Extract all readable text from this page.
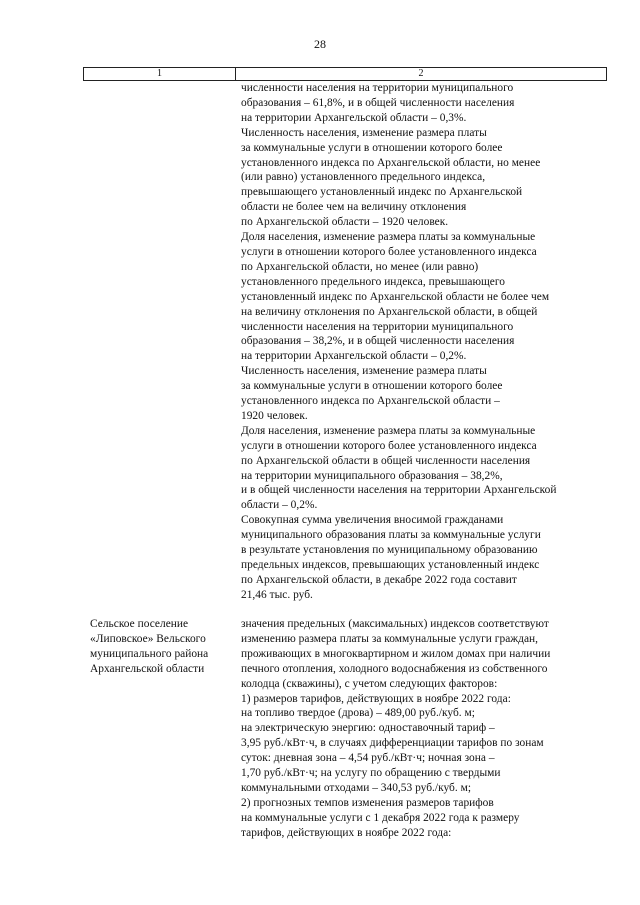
28
1	2
численности населения на территории муниципального
образования – 61,8%, и в общей численности населения
на территории Архангельской области – 0,3%.
Численность населения, изменение размера платы
за коммунальные услуги в отношении которого более
установленного индекса по Архангельской области, но менее
(или равно) установленного предельного индекса,
превышающего установленный индекс по Архангельской
области не более чем на величину отклонения
по Архангельской области – 1920 человек.
Доля населения, изменение размера платы за коммунальные
услуги в отношении которого более установленного индекса
по Архангельской области, но менее (или равно)
установленного предельного индекса, превышающего
установленный индекс по Архангельской области не более чем
на величину отклонения по Архангельской области, в общей
численности населения на территории муниципального
образования – 38,2%, и в общей численности населения
на территории Архангельской области – 0,2%.
Численность населения, изменение размера платы
за коммунальные услуги в отношении которого более
установленного индекса по Архангельской области –
1920 человек.
Доля населения, изменение размера платы за коммунальные
услуги в отношении которого более установленного индекса
по Архангельской области в общей численности населения
на территории муниципального образования – 38,2%,
и в общей численности населения на территории Архангельской
области – 0,2%.
Совокупная сумма увеличения вносимой гражданами
муниципального образования платы за коммунальные услуги
в результате установления по муниципальному образованию
предельных индексов, превышающих установленный индекс
по Архангельской области, в декабре 2022 года составит
21,46 тыс. руб.
Сельское поселение
«Липовское» Вельского
муниципального района
Архангельской области
значения предельных (максимальных) индексов соответствуют
изменению размера платы за коммунальные услуги граждан,
проживающих в многоквартирном и жилом домах при наличии
печного отопления, холодного водоснабжения из собственного
колодца (скважины), с учетом следующих факторов:
1) размеров тарифов, действующих в ноябре 2022 года:
на топливо твердое (дрова) – 489,00 руб./куб. м;
на электрическую энергию: одноставочный тариф –
3,95 руб./кВт·ч, в случаях дифференциации тарифов по зонам
суток: дневная зона – 4,54 руб./кВт·ч; ночная зона –
1,70 руб./кВт·ч; на услугу по обращению с твердыми
коммунальными отходами – 340,53 руб./куб. м;
2) прогнозных темпов изменения размеров тарифов
на коммунальные услуги с 1 декабря 2022 года к размеру
тарифов, действующих в ноябре 2022 года:
